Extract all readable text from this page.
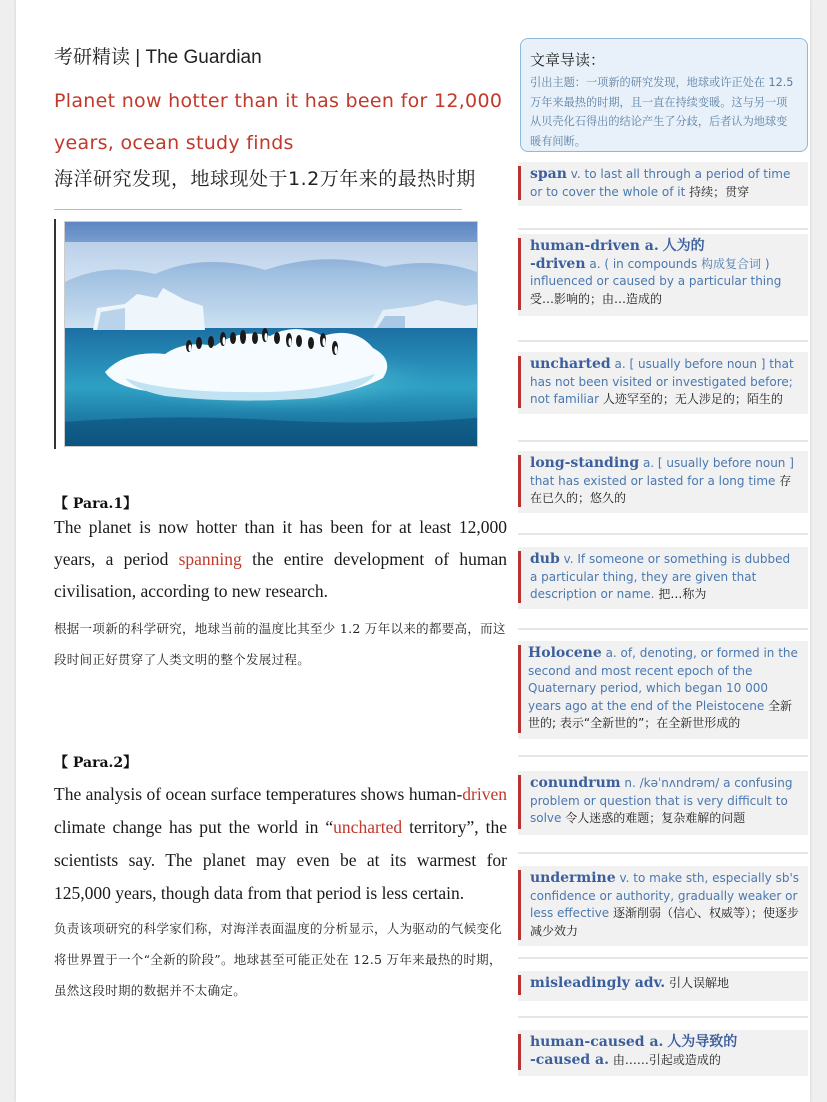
考研精读 | The Guardian
Planet now hotter than it has been for 12,000 years, ocean study finds
海洋研究发现，地球现处于1.2万年来的最热时期
【 Para.1】
The planet is now hotter than it has been for at least 12,000 years, a period spanning the entire development of human civilisation, according to new research.
根据一项新的科学研究，地球当前的温度比其至少 1.2 万年以来的都要高，而这段时间正好贯穿了人类文明的整个发展过程。
【 Para.2】
The analysis of ocean surface temperatures shows human-driven climate change has put the world in “uncharted territory”, the scientists say. The planet may even be at its warmest for 125,000 years, though data from that period is less certain.
负责该项研究的科学家们称，对海洋表面温度的分析显示，人为驱动的气候变化将世界置于一个“全新的阶段”。地球甚至可能正处在 12.5 万年来最热的时期，虽然这段时期的数据并不太确定。
文章导读：
引出主题：一项新的研究发现，地球或许正处在 12.5 万年来最热的时期，且一直在持续变暖。这与另一项从贝壳化石得出的结论产生了分歧，后者认为地球变暖有间断。
span v. to last all through a period of time or to cover the whole of it 持续；贯穿
human-driven a. 人为的
-driven a. ( in compounds 构成复合词 ) influenced or caused by a particular thing 受…影响的；由…造成的
uncharted a. [ usually before noun ] that has not been visited or investigated before; not familiar 人迹罕至的；无人涉足的；陌生的
long-standing a. [ usually before noun ] that has existed or lasted for a long time 存在已久的；悠久的
dub v. If someone or something is dubbed a particular thing, they are given that description or name. 把…称为
Holocene a. of, denoting, or formed in the second and most recent epoch of the Quaternary period, which began 10 000 years ago at the end of the Pleistocene 全新世的; 表示“全新世的”；在全新世形成的
conundrum n. /kəˈnʌndrəm/ a confusing problem or question that is very difficult to solve 令人迷惑的难题；复杂难解的问题
undermine v. to make sth, especially sb's confidence or authority, gradually weaker or less effective 逐渐削弱（信心、权威等）；使逐步减少效力
misleadingly adv. 引人误解地
human-caused a. 人为导致的
-caused a. 由……引起或造成的
